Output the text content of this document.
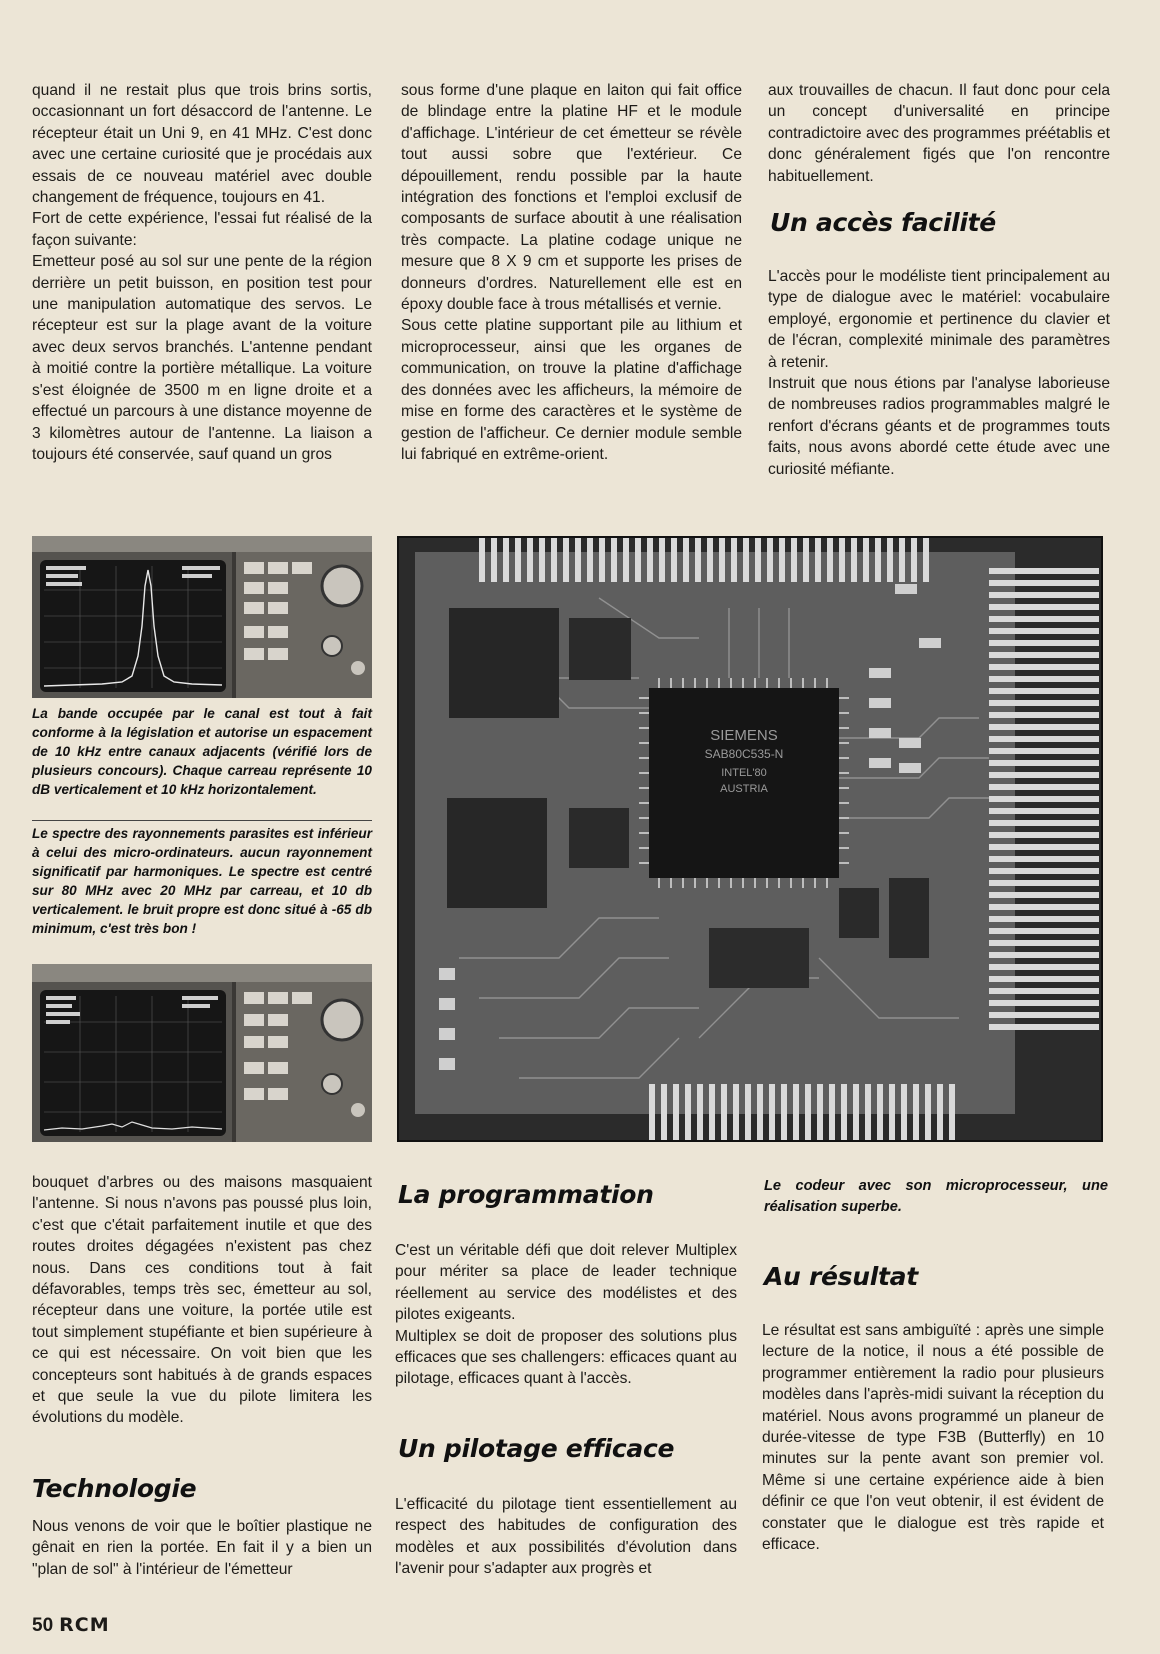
quand il ne restait plus que trois brins sortis, occasionnant un fort désaccord de l'antenne. Le récepteur était un Uni 9, en 41 MHz. C'est donc avec une certaine curiosité que je procédais aux essais de ce nouveau matériel avec double changement de fréquence, toujours en 41.

Fort de cette expérience, l'essai fut réalisé de la façon suivante:

Emetteur posé au sol sur une pente de la région derrière un petit buisson, en position test pour une manipulation automatique des servos. Le récepteur est sur la plage avant de la voiture avec deux servos branchés. L'antenne pendant à moitié contre la portière métallique. La voiture s'est éloignée de 3500 m en ligne droite et a effectué un parcours à une distance moyenne de 3 kilomètres autour de l'antenne. La liaison a toujours été conservée, sauf quand un gros

sous forme d'une plaque en laiton qui fait office de blindage entre la platine HF et le module d'affichage. L'intérieur de cet émetteur se révèle tout aussi sobre que l'extérieur. Ce dépouillement, rendu possible par la haute intégration des fonctions et l'emploi exclusif de composants de surface aboutit à une réalisation très compacte. La platine codage unique ne mesure que 8 X 9 cm et supporte les prises de donneurs d'ordres. Naturellement elle est en époxy double face à trous métallisés et vernie.

Sous cette platine supportant pile au lithium et microprocesseur, ainsi que les organes de communication, on trouve la platine d'affichage des données avec les afficheurs, la mémoire de mise en forme des caractères et le système de gestion de l'afficheur. Ce dernier module semble lui fabriqué en extrême-orient.

aux trouvailles de chacun. Il faut donc pour cela un concept d'universalité en principe contradictoire avec des programmes préétablis et donc généralement figés que l'on rencontre habituellement.

Un accès facilité

L'accès pour le modéliste tient principalement au type de dialogue avec le matériel: vocabulaire employé, ergonomie et pertinence du clavier et de l'écran, complexité minimale des paramètres à retenir.

Instruit que nous étions par l'analyse laborieuse de nombreuses radios programmables malgré le renfort d'écrans géants et de programmes touts faits, nous avons abordé cette étude avec une curiosité méfiante.

La bande occupée par le canal est tout à fait conforme à la législation et autorise un espacement de 10 kHz entre canaux adjacents (vérifié lors de plusieurs concours). Chaque carreau représente 10 dB verticalement et 10 kHz horizontalement.
Le spectre des rayonnements parasites est inférieur à celui des micro-ordinateurs. aucun rayonnement significatif par harmoniques. Le spectre est centré sur 80 MHz avec 20 MHz par carreau, et 10 db verticalement. le bruit propre est donc situé à -65 db minimum, c'est très bon !
SIEMENS
SAB80C535-N
INTEL'80
AUSTRIA
Le codeur avec son microprocesseur, une réalisation superbe.

bouquet d'arbres ou des maisons masquaient l'antenne. Si nous n'avons pas poussé plus loin, c'est que c'était parfaitement inutile et que des routes droites dégagées n'existent pas chez nous. Dans ces conditions tout à fait défavorables, temps très sec, émetteur au sol, récepteur dans une voiture, la portée utile est tout simplement stupéfiante et bien supérieure à ce qui est nécessaire. On voit bien que les concepteurs sont habitués à de grands espaces et que seule la vue du pilote limitera les évolutions du modèle.

Technologie

Nous venons de voir que le boîtier plastique ne gênait en rien la portée. En fait il y a bien un "plan de sol" à l'intérieur de l'émetteur

La programmation

C'est un véritable défi que doit relever Multiplex pour mériter sa place de leader technique réellement au service des modélistes et des pilotes exigeants.

Multiplex se doit de proposer des solutions plus efficaces que ses challengers: efficaces quant au pilotage, efficaces quant à l'accès.

Un pilotage efficace

L'efficacité du pilotage tient essentiellement au respect des habitudes de configuration des modèles et aux possibilités d'évolution dans l'avenir pour s'adapter aux progrès et

Au résultat

Le résultat est sans ambiguïté : après une simple lecture de la notice, il nous a été possible de programmer entièrement la radio pour plusieurs modèles dans l'après-midi suivant la réception du matériel. Nous avons programmé un planeur de durée-vitesse de type F3B (Butterfly) en 10 minutes sur la pente avant son premier vol. Même si une certaine expérience aide à bien définir ce que l'on veut obtenir, il est évident de constater que le dialogue est très rapide et efficace.

50 RCM
